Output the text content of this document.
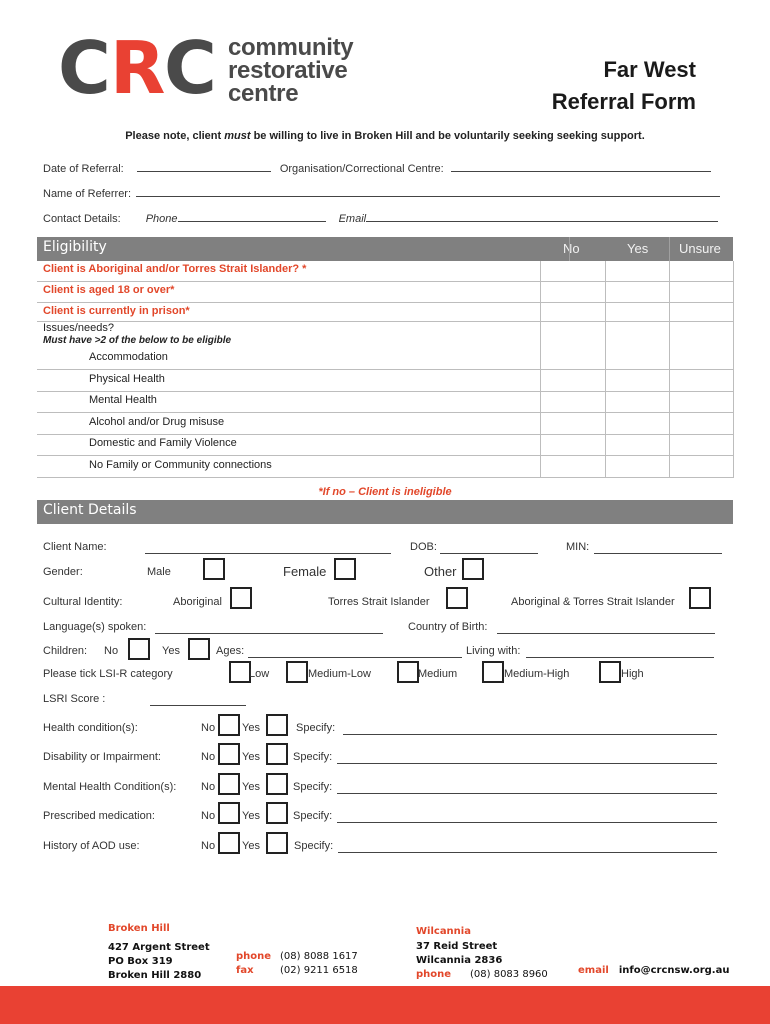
C R C community
restorative
centre
Far West
Referral Form
Please note, client must be willing to live in Broken Hill and be voluntarily seeking seeking support.
Date of Referral:	Organisation/Correctional Centre:
Name of Referrer:
Contact Details: Phone	Email
Eligibility	No	Yes Unsure
Client is Aboriginal and/or Torres Strait Islander? *
Client is aged 18 or over*
Client is currently in prison*
Issues/needs?
Must have >2 of the below to be eligible
Accommodation
Physical Health
Mental Health
Alcohol and/or Drug misuse
Domestic and Family Violence
No Family or Community connections
*If no – Client is ineligible
Client Details
Client Name:	DOB:	MIN:
Gender:	Male	Female	Other
Cultural Identity:	Aboriginal	Torres Strait Islander	Aboriginal & Torres Strait Islander
Language(s) spoken:	Country of Birth:
Children: No	Yes	Ages:	Living with:
Please tick LSI-R category	Low	Medium-Low	Medium	Medium-High	High
LSRI Score :
Health condition(s):	No Yes	Specify:
Disability or Impairment:	No Yes	Specify:
Mental Health Condition(s): No Yes	Specify:
Prescribed medication:	No Yes	Specify:
History of AOD use:	No Yes	Specify:
Broken Hill
427 Argent Street
PO Box 319
Broken Hill 2880
phone (08) 8088 1617
fax	(02) 9211 6518
Wilcannia
37 Reid Street
Wilcannia 2836
phone (08) 8083 8960	email info@crcnsw.org.au
